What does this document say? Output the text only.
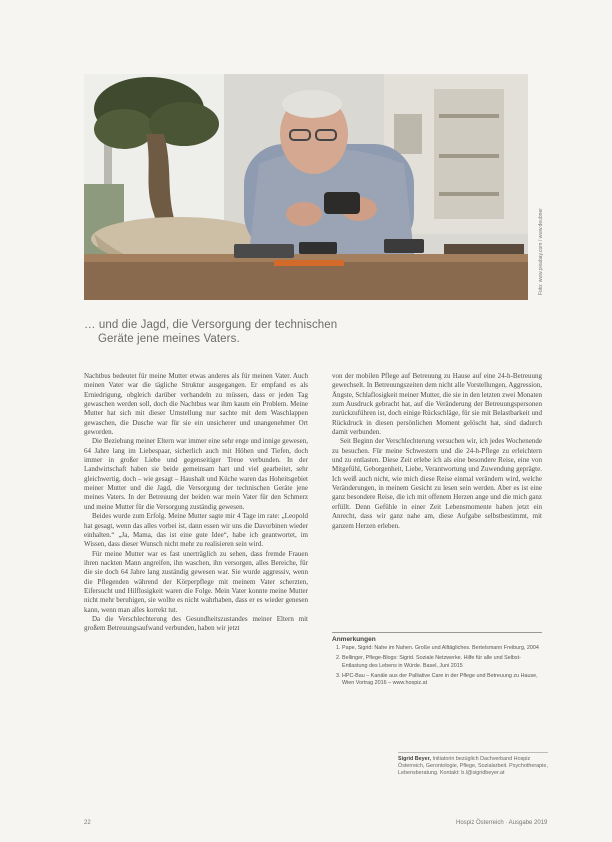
Foto: www.pixabay.com / www.deubner
… und die Jagd, die Versorgung der technischen
Geräte jene meines Vaters.

Nachtbus bedeutet für meine Mutter etwas anderes als für meinen Vater. Auch meinen Vater war die tägliche Struktur ausgegangen. Er empfand es als Erniedrigung, obgleich darüber verhandeln zu müssen, dass er jeden Tag gewaschen werden soll, doch die Nachtbus war ihm kaum ein Problem. Meine Mutter hat sich mit dieser Umstellung nur sachte mit dem Waschlappen gewaschen, die Dusche war für sie ein unsicherer und unangenehmer Ort geworden.

Die Beziehung meiner Eltern war immer eine sehr enge und innige gewesen, 64 Jahre lang im Liebespaar, sicherlich auch mit Höhen und Tiefen, doch immer in großer Liebe und gegenseitiger Treue verbunden. In der Landwirtschaft haben sie beide gemeinsam hart und viel gearbeitet, sehr gleichwertig, doch – wie gesagt – Haushalt und Küche waren das Hoheitsgebiet meiner Mutter und die Jagd, die Versorgung der technischen Geräte jene meines Vaters. In der Betreuung der beiden war mein Vater für den Schmerz und meine Mutter für die Versorgung zuständig gewesen.

Beides wurde zum Erfolg. Meine Mutter sagte mir 4 Tage im rate: „Leopold hat gesagt, wenn das alles vorbei ist, dann essen wir uns die Davorbinen wieder einhalten.“ „Ja, Mama, das ist eine gute Idee“, habe ich geantwortet, im Wissen, dass dieser Wunsch nicht mehr zu realisieren sein wird.

Für meine Mutter war es fast unerträglich zu sehen, dass fremde Frauen ihren nackten Mann angreifen, ihn waschen, ihn versorgen, alles Bereiche, für die sie doch 64 Jahre lang zuständig gewesen war. Sie wurde aggressiv, wenn die Pflegenden während der Körperpflege mit meinem Vater scherzten, Eifersucht und Hilflosigkeit waren die Folge. Mein Vater konnte meine Mutter nicht mehr beruhigen, sie wollte es nicht wahrhaben, dass er es wieder genesen kann, wenn man alles korrekt tut.

Da die Verschlechterung des Gesundheitszustandes meiner Eltern mit großem Betreuungsaufwand verbunden, haben wir jetzt

von der mobilen Pflege auf Betreuung zu Hause auf eine 24-h-Betreuung gewechselt. In Betreuungszeiten dem nicht alle Vorstellungen, Aggression, Ängste, Schlaflosigkeit meiner Mutter, die sie in den letzten zwei Monaten zum Ausdruck gebracht hat, auf die Veränderung der Betreuungspersonen zurückzuführen ist, doch einige Rückschläge, für sie mit Belastbarkeit und Rückdruck in diesen persönlichen Moment gelöscht hat, sind dadurch damit verbunden.

Seit Beginn der Verschlechterung versuchen wir, ich jedes Wochenende zu besuchen. Für meine Schwestern und die 24-h-Pflege zu erleichtern und zu entlasten. Diese Zeit erlebe ich als eine besondere Reise, eine von Mitgefühl, Geborgenheit, Liebe, Verantwortung und Zuwendung geprägte. Ich weiß auch nicht, wie mich diese Reise einmal verändern wird, welche Veränderungen, in meinem Gesicht zu lesen sein werden. Aber es ist eine ganz besondere Reise, die ich mit offenem Herzen ange und die mich ganz erfüllt. Denn Gefühle in einer Zeit Lebensmomente haben jetzt ein Anrecht, dass wir ganz nahe am, diese Aufgabe selbstbestimmt, mit ganzem Herzen erleben.

Anmerkungen
1. Pape, Sigrid: Nahe im Nahen. Große und Alltägliches. Bertelsmann Freiburg, 2004
2. Bellinger, Pflege-Blogs: Sigrid. Soziale Netzwerke. Hilfe für alle und Selbst-Entlastung des Lebens in Würde. Basel, Juni 2015
3. HPC-Bau – Kanäle aus der Palliative Care in der Pflege und Betreuung zu Hause, Wien Vortrag 2016 – www.hospiz.at
Sigrid Beyer, Initiatorin bezüglich Dachverband Hospiz Österreich, Gerontologie, Pflege, Sozialarbeit. Psychotherapie, Lebensberatung. Kontakt: b.l@sigridbeyer.at
22	Hospiz Österreich · Ausgabe 2019
